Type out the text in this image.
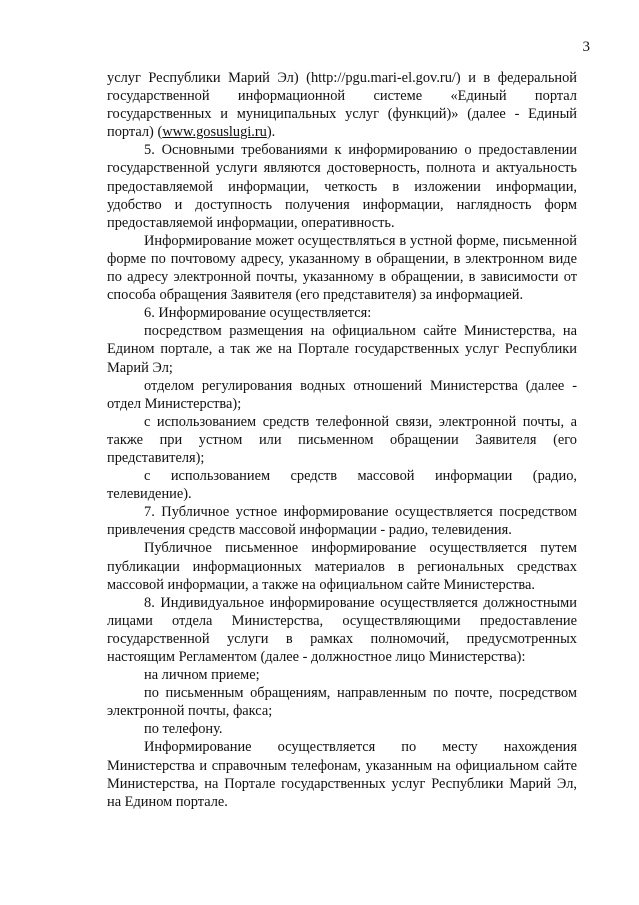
3

услуг Республики Марий Эл) (http://pgu.mari-el.gov.ru/) и в федеральной государственной информационной системе «Единый портал государственных и муниципальных услуг (функций)» (далее - Единый портал) (www.gosuslugi.ru).

5. Основными требованиями к информированию о предоставлении государственной услуги являются достоверность, полнота и актуальность предоставляемой информации, четкость в изложении информации, удобство и доступность получения информации, наглядность форм предоставляемой информации, оперативность.

Информирование может осуществляться в устной форме, письменной форме по почтовому адресу, указанному в обращении, в электронном виде по адресу электронной почты, указанному в обращении, в зависимости от способа обращения Заявителя (его представителя) за информацией.

6. Информирование осуществляется:

посредством размещения на официальном сайте Министерства, на Едином портале, а так же на Портале государственных услуг Республики Марий Эл;

отделом регулирования водных отношений Министерства (далее - отдел Министерства);

с использованием средств телефонной связи, электронной почты, а также при устном или письменном обращении Заявителя (его представителя);

с использованием средств массовой информации (радио, телевидение).

7. Публичное устное информирование осуществляется посредством привлечения средств массовой информации - радио, телевидения.

Публичное письменное информирование осуществляется путем публикации информационных материалов в региональных средствах массовой информации, а также на официальном сайте Министерства.

8. Индивидуальное информирование осуществляется должностными лицами отдела Министерства, осуществляющими предоставление государственной услуги в рамках полномочий, предусмотренных настоящим Регламентом (далее - должностное лицо Министерства):

на личном приеме;

по письменным обращениям, направленным по почте, посредством электронной почты, факса;

по телефону.

Информирование осуществляется по месту нахождения Министерства и справочным телефонам, указанным на официальном сайте Министерства, на Портале государственных услуг Республики Марий Эл, на Едином портале.
